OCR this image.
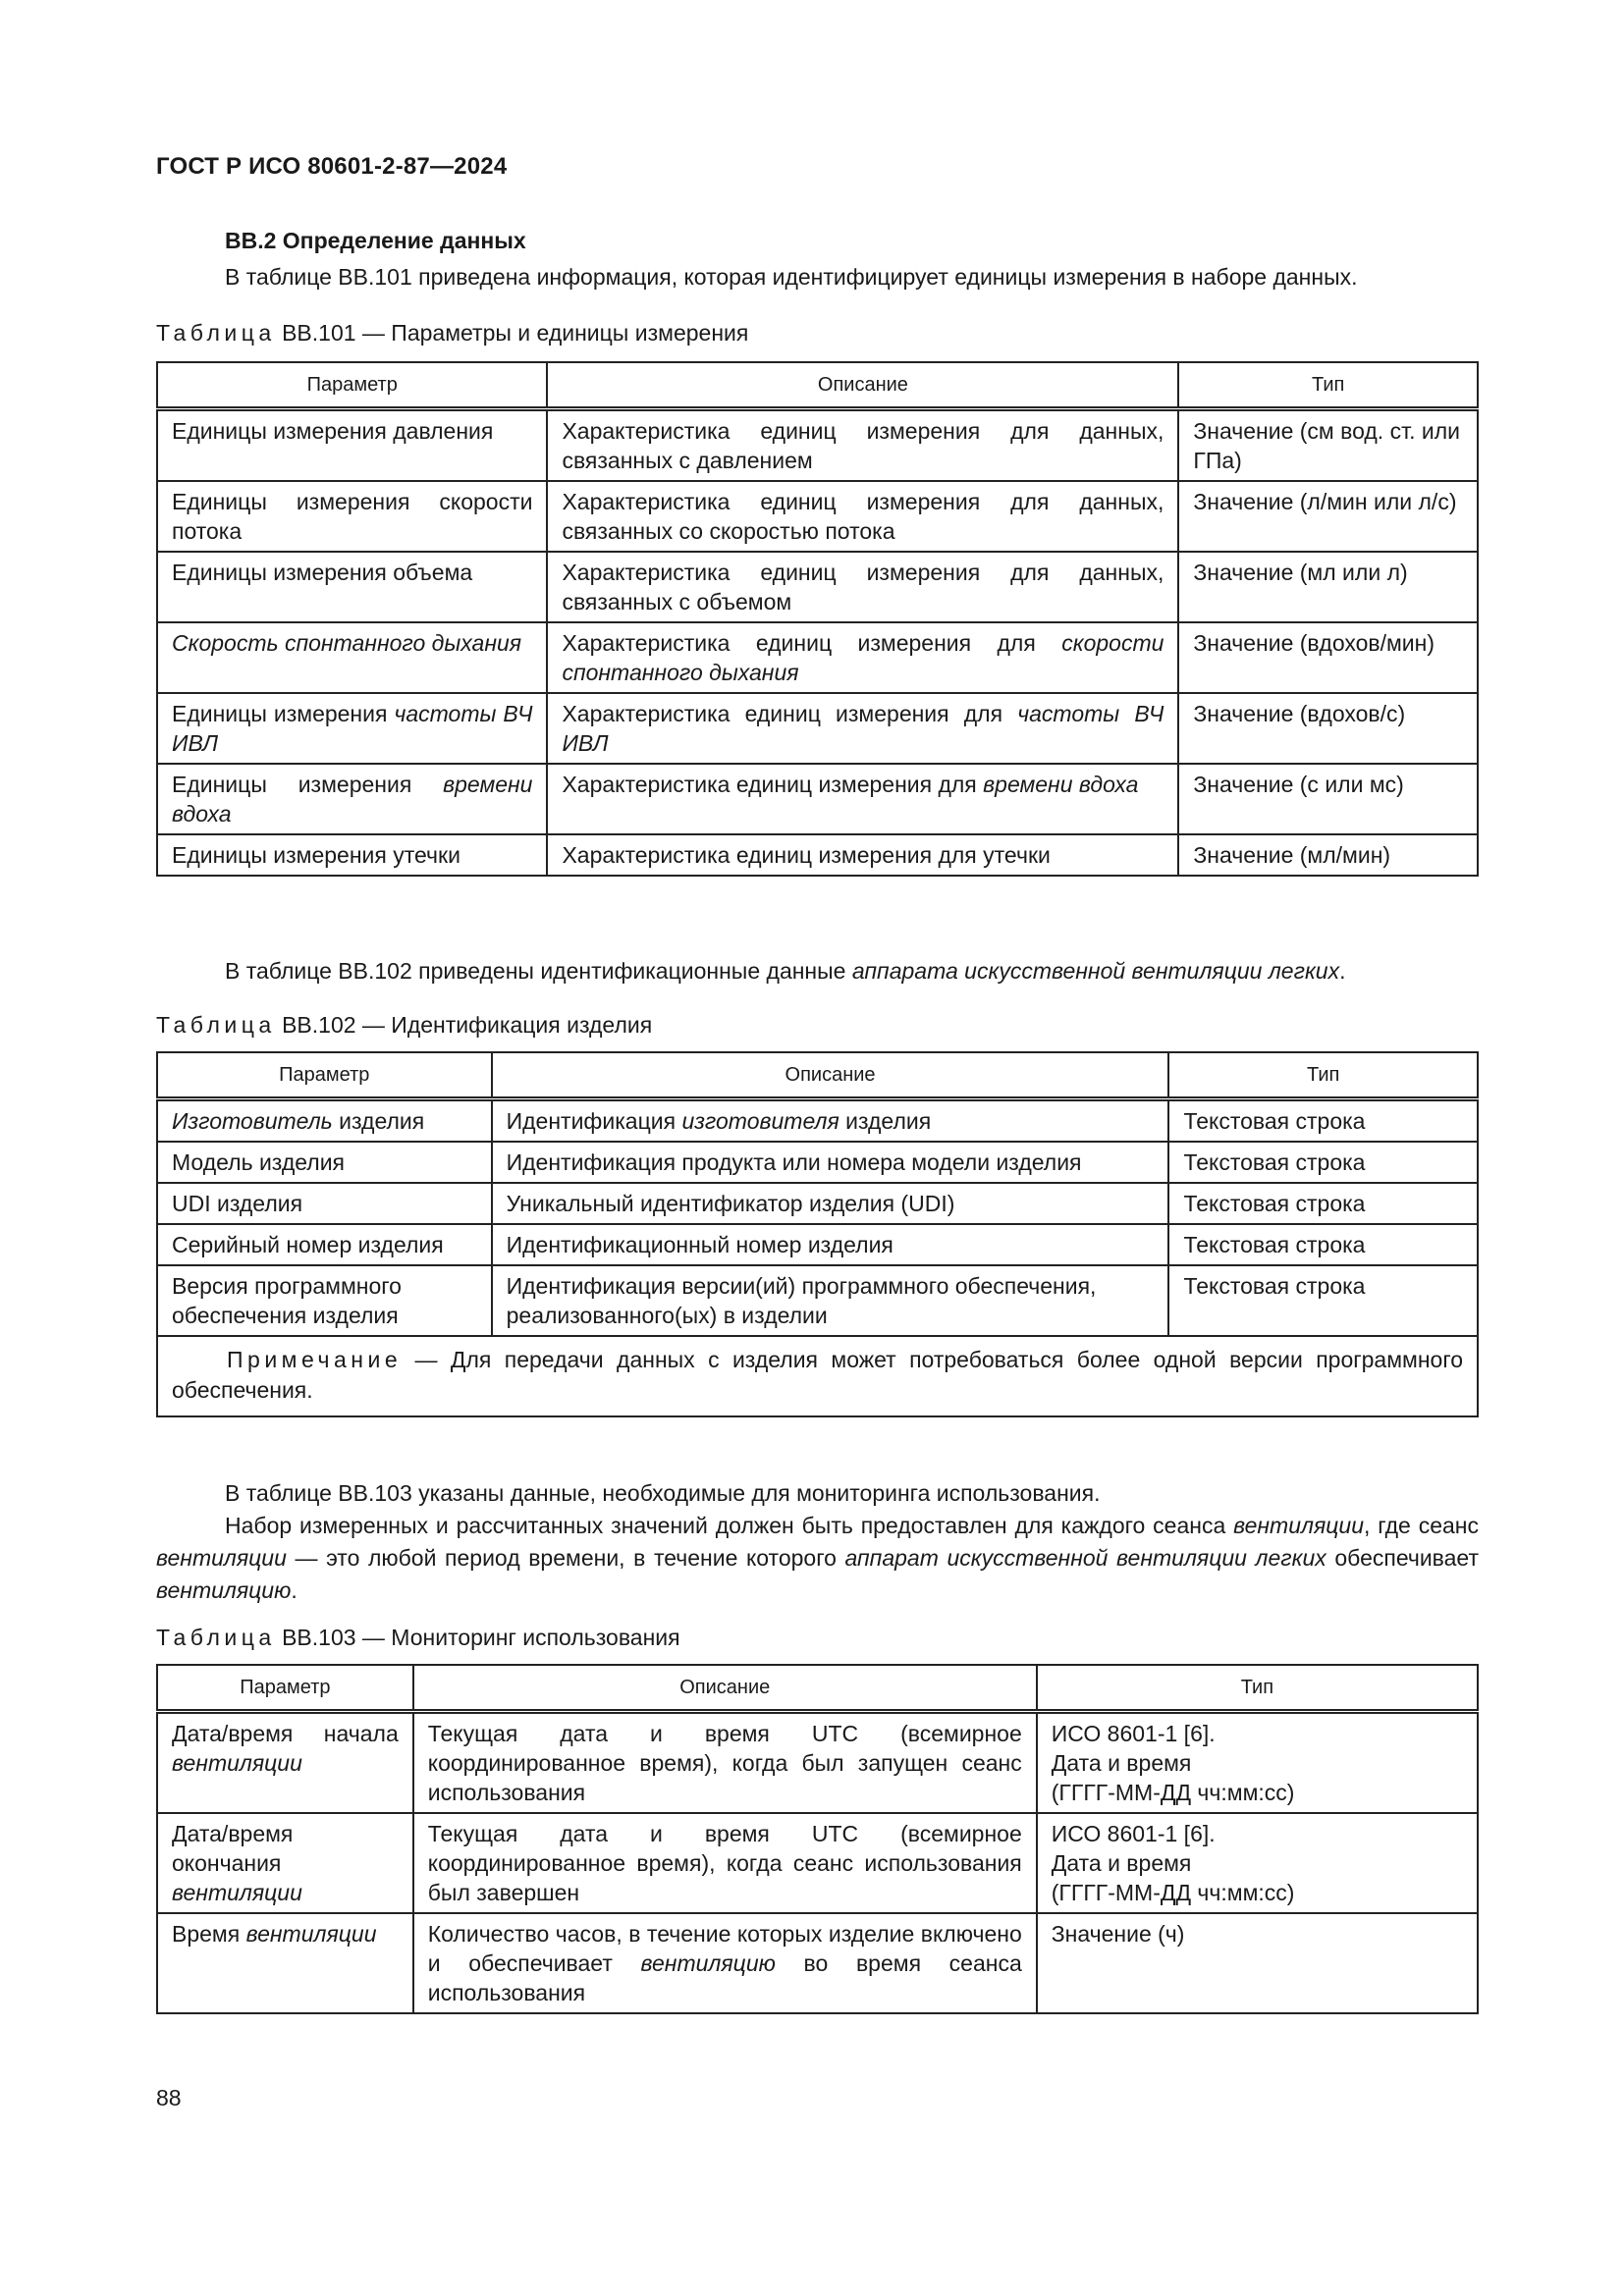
ГОСТ Р ИСО 80601-2-87—2024
ВВ.2 Определение данных
В таблице ВВ.101 приведена информация, которая идентифицирует единицы измерения в наборе данных.
Таблица ВВ.101 — Параметры и единицы измерения
Параметр	Описание	Тип
Единицы измерения давления	Характеристика единиц измерения для данных, связанных с давлением	Значение (см вод. ст. или ГПа)
Единицы измерения скорости потока	Характеристика единиц измерения для данных, связанных со скоростью потока	Значение (л/мин или л/с)
Единицы измерения объема	Характеристика единиц измерения для данных, связанных с объемом	Значение (мл или л)
Скорость спонтанного дыхания	Характеристика единиц измерения для скорости спонтанного дыхания	Значение (вдохов/мин)
Единицы измерения частоты ВЧ ИВЛ	Характеристика единиц измерения для частоты ВЧ ИВЛ	Значение (вдохов/с)
Единицы измерения времени вдоха	Характеристика единиц измерения для времени вдоха	Значение (с или мс)
Единицы измерения утечки	Характеристика единиц измерения для утечки	Значение (мл/мин)
В таблице ВВ.102 приведены идентификационные данные аппарата искусственной вентиляции легких.
Таблица ВВ.102 — Идентификация изделия
Параметр	Описание	Тип
Изготовитель изделия	Идентификация изготовителя изделия	Текстовая строка
Модель изделия	Идентификация продукта или номера модели изделия	Текстовая строка
UDI изделия	Уникальный идентификатор изделия (UDI)	Текстовая строка
Серийный номер изделия	Идентификационный номер изделия	Текстовая строка
Версия программного обеспечения изделия	Идентификация версии(ий) программного обеспечения, реализованного(ых) в изделии	Текстовая строка
Примечание — Для передачи данных с изделия может потребоваться более одной версии программного обеспечения.		
В таблице ВВ.103 указаны данные, необходимые для мониторинга использования.
Набор измеренных и рассчитанных значений должен быть предоставлен для каждого сеанса вентиляции, где сеанс вентиляции — это любой период времени, в течение которого аппарат искусственной вентиляции легких обеспечивает вентиляцию.
Таблица ВВ.103 — Мониторинг использования
Параметр	Описание	Тип
Дата/время начала вентиляции	Текущая дата и время UTC (всемирное координированное время), когда был запущен сеанс использования	ИСО 8601-1 [6].
Дата и время
(ГГГГ-ММ-ДД чч:мм:сс)

Дата/время окончания вентиляции	Текущая дата и время UTC (всемирное координированное время), когда сеанс использования был завершен	ИСО 8601-1 [6].
Дата и время
(ГГГГ-ММ-ДД чч:мм:сс)

Время вентиляции	Количество часов, в течение которых изделие включено и обеспечивает вентиляцию во время сеанса использования	Значение (ч)
88
